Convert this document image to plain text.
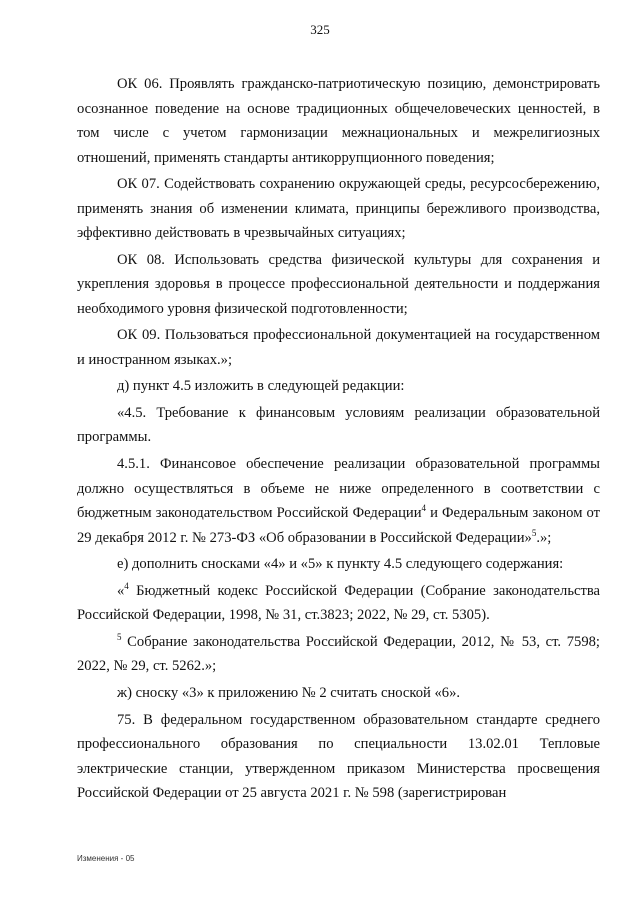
325

ОК 06. Проявлять гражданско-патриотическую позицию, демонстрировать осознанное поведение на основе традиционных общечеловеческих ценностей, в том числе с учетом гармонизации межнациональных и межрелигиозных отношений, применять стандарты антикоррупционного поведения;

ОК 07. Содействовать сохранению окружающей среды, ресурсосбережению, применять знания об изменении климата, принципы бережливого производства, эффективно действовать в чрезвычайных ситуациях;

ОК 08. Использовать средства физической культуры для сохранения и укрепления здоровья в процессе профессиональной деятельности и поддержания необходимого уровня физической подготовленности;

ОК 09. Пользоваться профессиональной документацией на государственном и иностранном языках.»;

д) пункт 4.5 изложить в следующей редакции:

«4.5. Требование к финансовым условиям реализации образовательной программы.

4.5.1. Финансовое обеспечение реализации образовательной программы должно осуществляться в объеме не ниже определенного в соответствии с бюджетным законодательством Российской Федерации$^4$ и Федеральным законом от 29 декабря 2012 г. № 273-ФЗ «Об образовании в Российской Федерации»$^5$.»;

е) дополнить сносками «4» и «5» к пункту 4.5 следующего содержания:

«$^4$ Бюджетный кодекс Российской Федерации (Собрание законодательства Российской Федерации, 1998, № 31, ст.3823; 2022, № 29, ст. 5305).

$^5$ Собрание законодательства Российской Федерации, 2012, № 53, ст. 7598; 2022, № 29, ст. 5262.»;

ж) сноску «3» к приложению № 2 считать сноской «6».

75. В федеральном государственном образовательном стандарте среднего профессионального образования по специальности 13.02.01 Тепловые электрические станции, утвержденном приказом Министерства просвещения Российской Федерации от 25 августа 2021 г. № 598 (зарегистрирован

Изменения - 05
